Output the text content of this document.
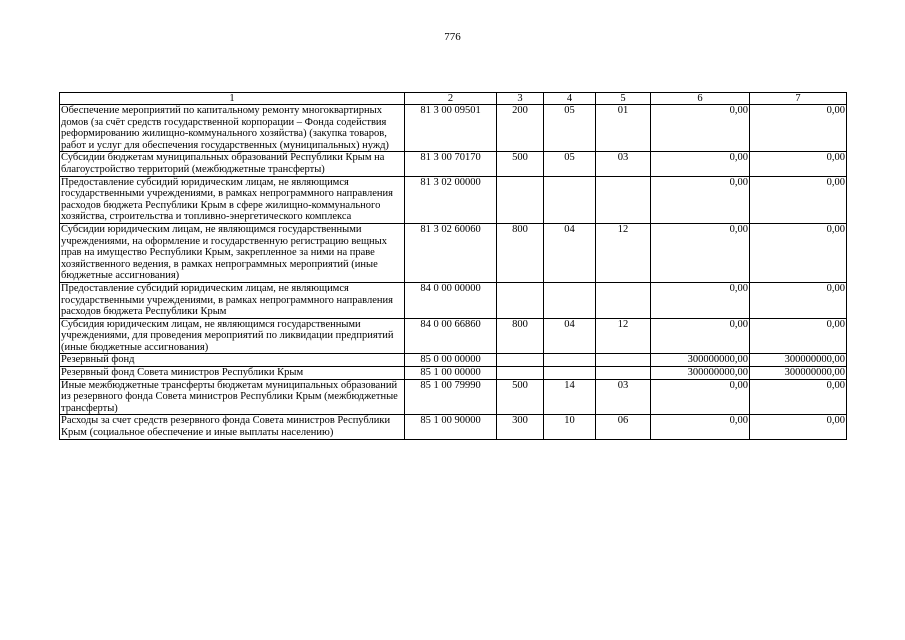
776
1	2	3	4	5	6	7
Обеспечение мероприятий по капитальному ремонту многоквартирных домов (за счёт средств государственной корпорации – Фонда содействия реформированию жилищно-коммунального хозяйства) (закупка товаров, работ и услуг для обеспечения государственных (муниципальных) нужд)	81 3 00 09501	200	05	01	0,00	0,00
Субсидии бюджетам муниципальных образований Республики Крым на благоустройство территорий (межбюджетные трансферты)	81 3 00 70170	500	05	03	0,00	0,00
Предоставление субсидий юридическим лицам, не являющимся государственными учреждениями, в рамках непрограммного направления расходов бюджета Республики Крым в сфере жилищно-коммунального хозяйства, строительства и топливно-энергетического комплекса	81 3 02 00000				0,00	0,00
Субсидии юридическим лицам, не являющимся государственными учреждениями, на оформление и государственную регистрацию вещных прав на имущество Республики Крым, закрепленное за ними на праве хозяйственного ведения, в рамках непрограммных мероприятий (иные бюджетные ассигнования)	81 3 02 60060	800	04	12	0,00	0,00
Предоставление субсидий юридическим лицам, не являющимся государственными учреждениями, в рамках непрограммного направления расходов бюджета Республики Крым	84 0 00 00000				0,00	0,00
Субсидия юридическим лицам, не являющимся государственными учреждениями, для проведения мероприятий по ликвидации предприятий (иные бюджетные ассигнования)	84 0 00 66860	800	04	12	0,00	0,00
Резервный фонд	85 0 00 00000				300000000,00	300000000,00
Резервный фонд Совета министров Республики Крым	85 1 00 00000				300000000,00	300000000,00
Иные межбюджетные трансферты бюджетам муниципальных образований из резервного фонда Совета министров Республики Крым (межбюджетные трансферты)	85 1 00 79990	500	14	03	0,00	0,00
Расходы за счет средств резервного фонда Совета министров Республики Крым (социальное обеспечение и иные выплаты населению)	85 1 00 90000	300	10	06	0,00	0,00
